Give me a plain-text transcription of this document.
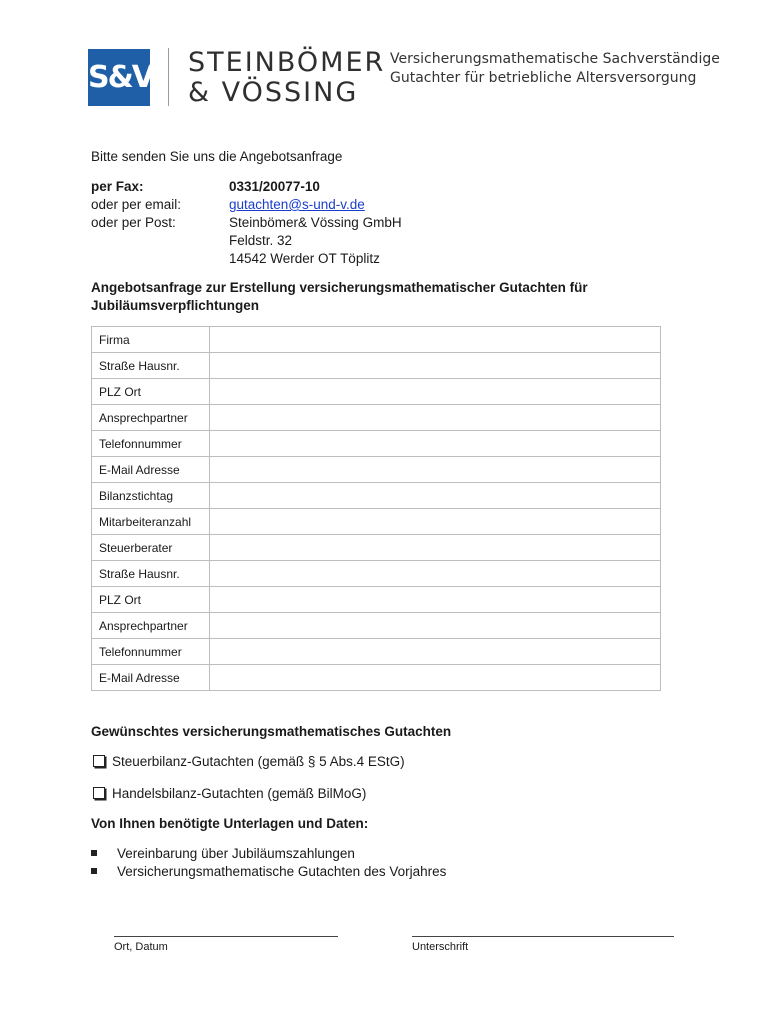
S&V STEINBÖMER
& VÖSSING
Versicherungsmathematische Sachverständige
Gutachter für betriebliche Altersversorgung
Bitte senden Sie uns die Angebotsanfrage
per Fax:	0331/20077-10
oder per email:	gutachten@s-und-v.de
oder per Post:	Steinbömer& Vössing GmbH
Feldstr. 32
14542 Werder OT Töplitz
Angebotsanfrage zur Erstellung versicherungsmathematischer Gutachten für
Jubiläumsverpflichtungen
Firma	
Straße Hausnr.	
PLZ Ort	
Ansprechpartner	
Telefonnummer	
E-Mail Adresse	
Bilanzstichtag	
Mitarbeiteranzahl	
Steuerberater	
Straße Hausnr.	
PLZ Ort	
Ansprechpartner	
Telefonnummer	
E-Mail Adresse	
Gewünschtes versicherungsmathematisches Gutachten
Steuerbilanz-Gutachten (gemäß § 5 Abs.4 EStG)
Handelsbilanz-Gutachten (gemäß BilMoG)
Von Ihnen benötigte Unterlagen und Daten:
Vereinbarung über Jubiläumszahlungen
Versicherungsmathematische Gutachten des Vorjahres
Ort, Datum	Unterschrift
